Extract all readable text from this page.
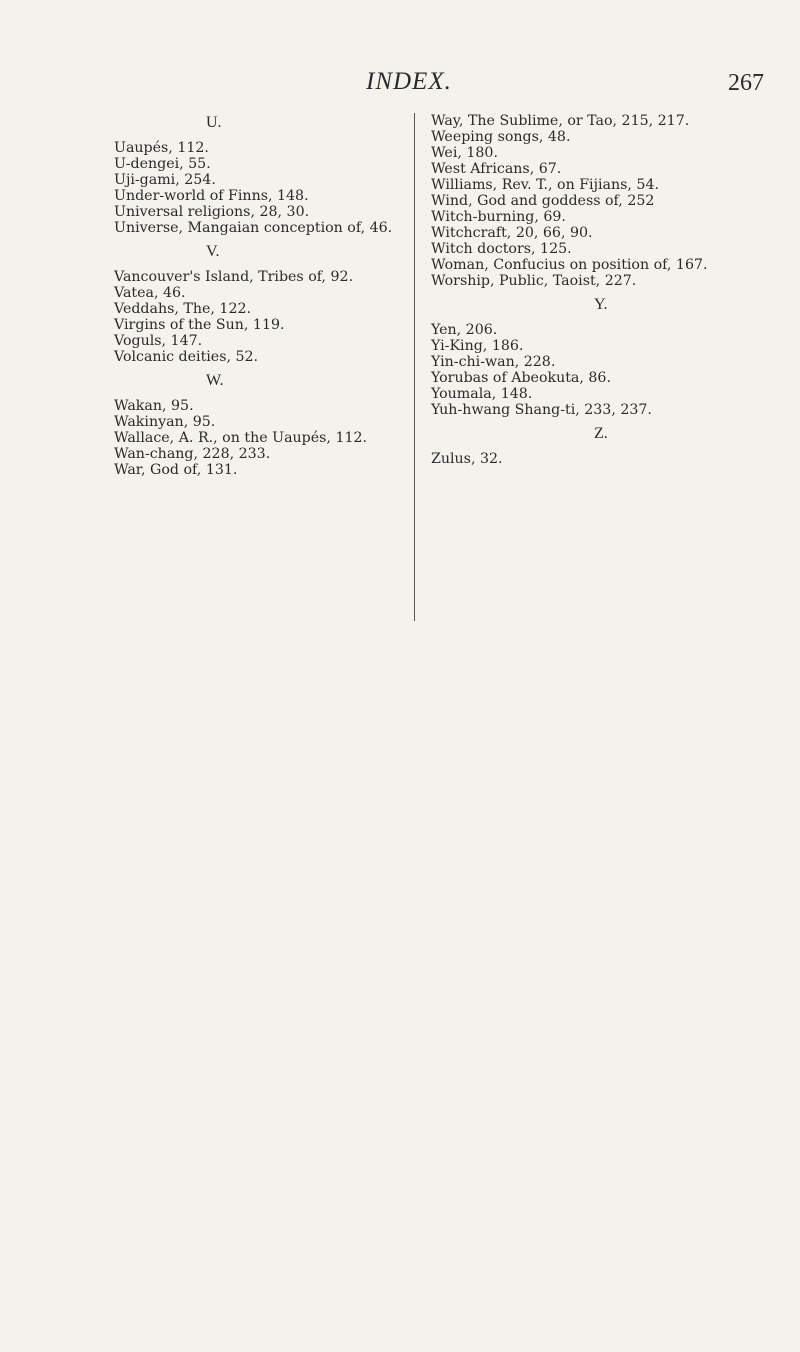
INDEX.	267
U.
Uaupés, 112.
U-dengei, 55.
Uji-gami, 254.
Under-world of Finns, 148.
Universal religions, 28, 30.
Universe, Mangaian conception of, 46.
V.
Vancouver's Island, Tribes of, 92.
Vatea, 46.
Veddahs, The, 122.
Virgins of the Sun, 119.
Voguls, 147.
Volcanic deities, 52.
W.
Wakan, 95.
Wakinyan, 95.
Wallace, A. R., on the Uaupés, 112.
Wan-chang, 228, 233.
War, God of, 131.
Way, The Sublime, or Tao, 215, 217.
Weeping songs, 48.
Wei, 180.
West Africans, 67.
Williams, Rev. T., on Fijians, 54.
Wind, God and goddess of, 252
Witch-burning, 69.
Witchcraft, 20, 66, 90.
Witch doctors, 125.
Woman, Confucius on position of, 167.
Worship, Public, Taoist, 227.
Y.
Yen, 206.
Yi-King, 186.
Yin-chi-wan, 228.
Yorubas of Abeokuta, 86.
Youmala, 148.
Yuh-hwang Shang-ti, 233, 237.
Z.
Zulus, 32.
